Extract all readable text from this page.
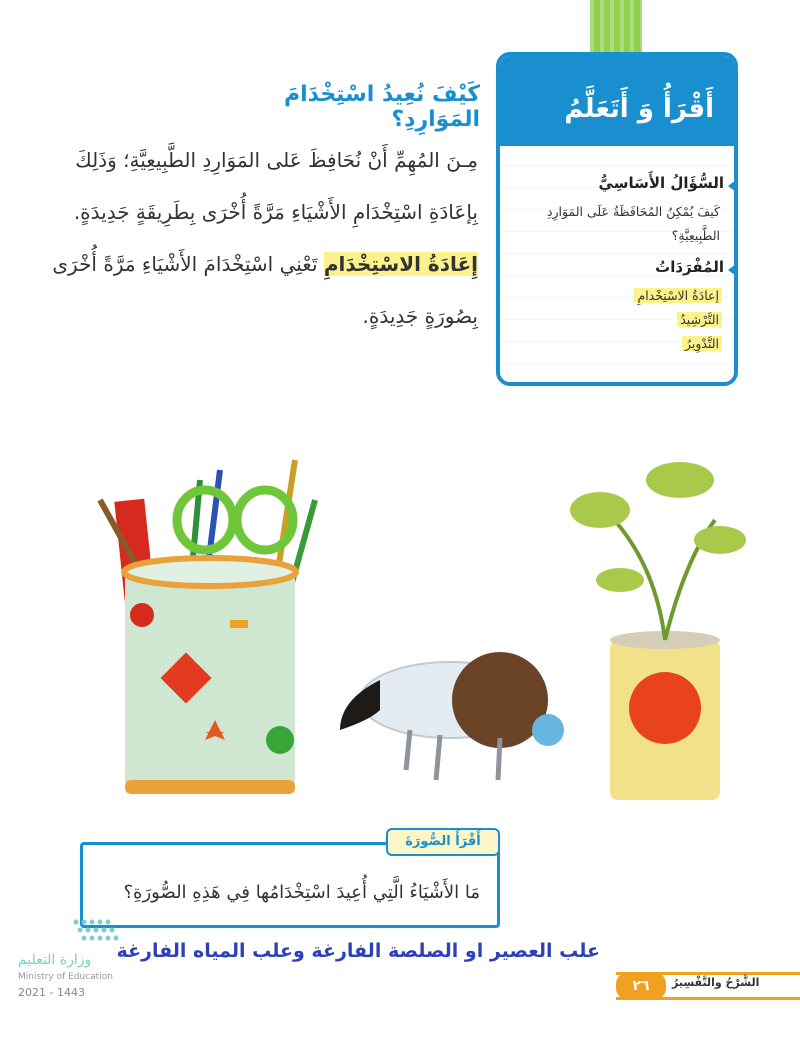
أَقْرَأُ وَ أَتَعَلَّمُ
السُّؤَالُ الأَسَاسِيُّ
كَيفَ يُمْكِنُ المُحَافَظَةُ عَلَى المَوَارِدِ
الطَّبِيعِيَّةِ؟
المُفْرَدَاتُ
إعادَةُ الاسْتِخْدامِ
التَّرْشِيدُ
التَّدْوِيرُ
كَيْفَ نُعِيدُ اسْتِخْدَامَ المَوَارِدِ؟
مِـنَ المُهِمِّ أَنْ نُحَافِظَ عَلى المَوَارِدِ الطَّبِيعِيَّةِ؛ وَذَلِكَ
بِإعَادَةِ اسْتِخْدَامِ الأَشْيَاءِ مَرَّةً أُخْرَى بِطَرِيقَةٍ جَدِيدَةٍ.
إِعَادَةُ الاسْتِخْدَامِ تَعْنِي اسْتِخْدَامَ الأَشْيَاءِ مَرَّةً أُخْرَى
بِصُورَةٍ جَدِيدَةٍ.
أَقْرَأُ الصُّورَةَ
مَا الأَشْيَاءُ الَّتِي أُعِيدَ اسْتِخْدَامُها فِي هَذِهِ الصُّورَةِ؟
علب العصير او الصلصة الفارغة وعلب المياه الفارغة
وزارة التعليم
Ministry of Education
2021 - 1443
الشَّرْحُ والتَّفْسِيرُ
٢٦
